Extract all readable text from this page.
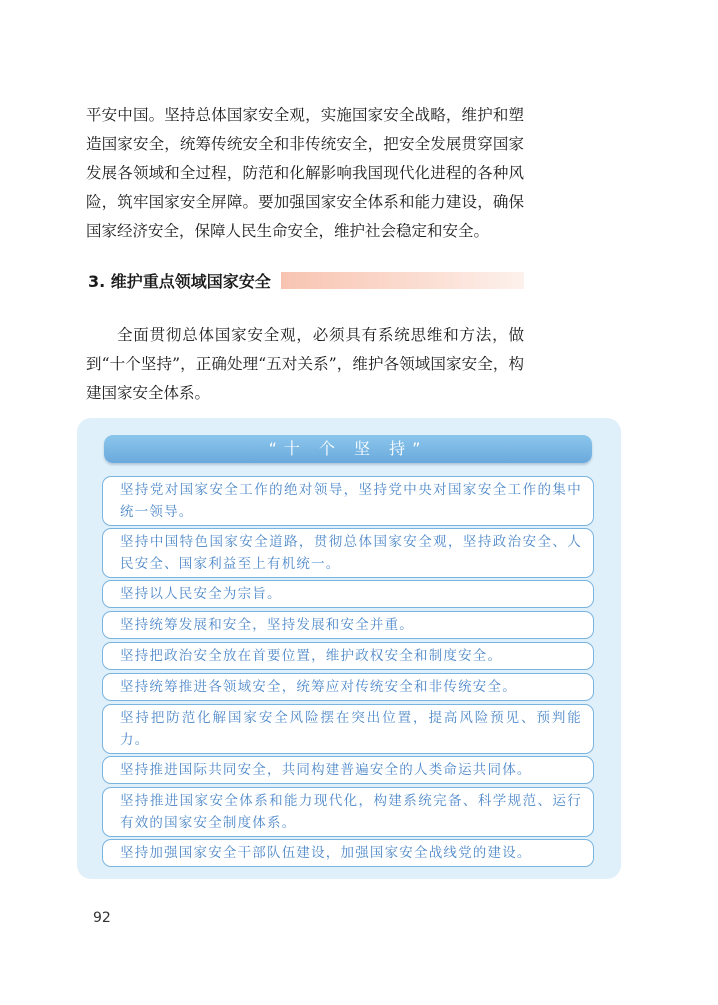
平安中国。坚持总体国家安全观，实施国家安全战略，维护和塑造国家安全，统筹传统安全和非传统安全，把安全发展贯穿国家发展各领域和全过程，防范和化解影响我国现代化进程的各种风险，筑牢国家安全屏障。要加强国家安全体系和能力建设，确保国家经济安全，保障人民生命安全，维护社会稳定和安全。

3. 维护重点领域国家安全

全面贯彻总体国家安全观，必须具有系统思维和方法，做到“十个坚持”，正确处理“五对关系”，维护各领域国家安全，构建国家安全体系。

“十 个 坚 持”
坚持党对国家安全工作的绝对领导，坚持党中央对国家安全工作的集中统一领导。
坚持中国特色国家安全道路，贯彻总体国家安全观，坚持政治安全、人民安全、国家利益至上有机统一。
坚持以人民安全为宗旨。
坚持统筹发展和安全，坚持发展和安全并重。
坚持把政治安全放在首要位置，维护政权安全和制度安全。
坚持统筹推进各领域安全，统筹应对传统安全和非传统安全。
坚持把防范化解国家安全风险摆在突出位置，提高风险预见、预判能力。
坚持推进国际共同安全，共同构建普遍安全的人类命运共同体。
坚持推进国家安全体系和能力现代化，构建系统完备、科学规范、运行有效的国家安全制度体系。
坚持加强国家安全干部队伍建设，加强国家安全战线党的建设。
92
